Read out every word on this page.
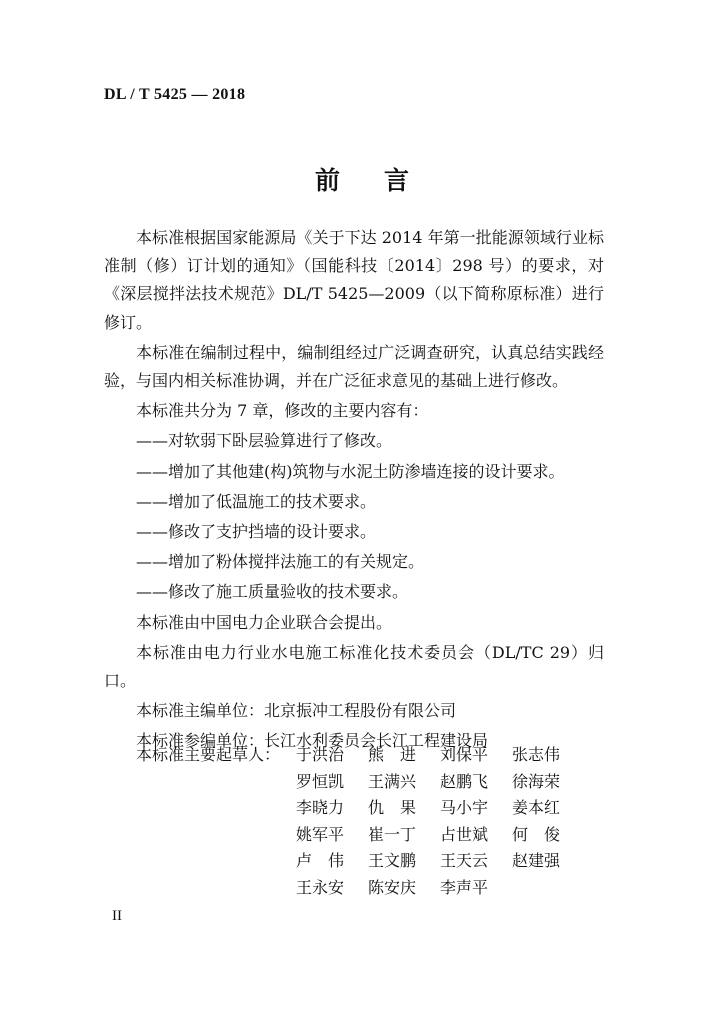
DL / T 5425 — 2018
前言

本标准根据国家能源局《关于下达 2014 年第一批能源领域行业标准制（修）订计划的通知》（国能科技〔2014〕298 号）的要求，对《深层搅拌法技术规范》DL/T 5425—2009（以下简称原标准）进行修订。

本标准在编制过程中，编制组经过广泛调查研究，认真总结实践经验，与国内相关标准协调，并在广泛征求意见的基础上进行修改。

本标准共分为 7 章，修改的主要内容有：

——对软弱下卧层验算进行了修改。

——增加了其他建(构)筑物与水泥土防渗墙连接的设计要求。

——增加了低温施工的技术要求。

——修改了支护挡墙的设计要求。

——增加了粉体搅拌法施工的有关规定。

——修改了施工质量验收的技术要求。

本标准由中国电力企业联合会提出。

本标准由电力行业水电施工标准化技术委员会（DL/TC 29）归口。

本标准主编单位：北京振冲工程股份有限公司

本标准参编单位：长江水利委员会长江工程建设局

本标准主要起草人： 于洪治	熊进 刘保平	张志伟
罗恒凯	王满兴	赵鹏飞	徐海荣
李晓力	仇果 马小宇	姜本红
姚军平	崔一丁	占世斌	何俊
卢伟 王文鹏	王天云	赵建强
王永安	陈安庆	李声平
II
